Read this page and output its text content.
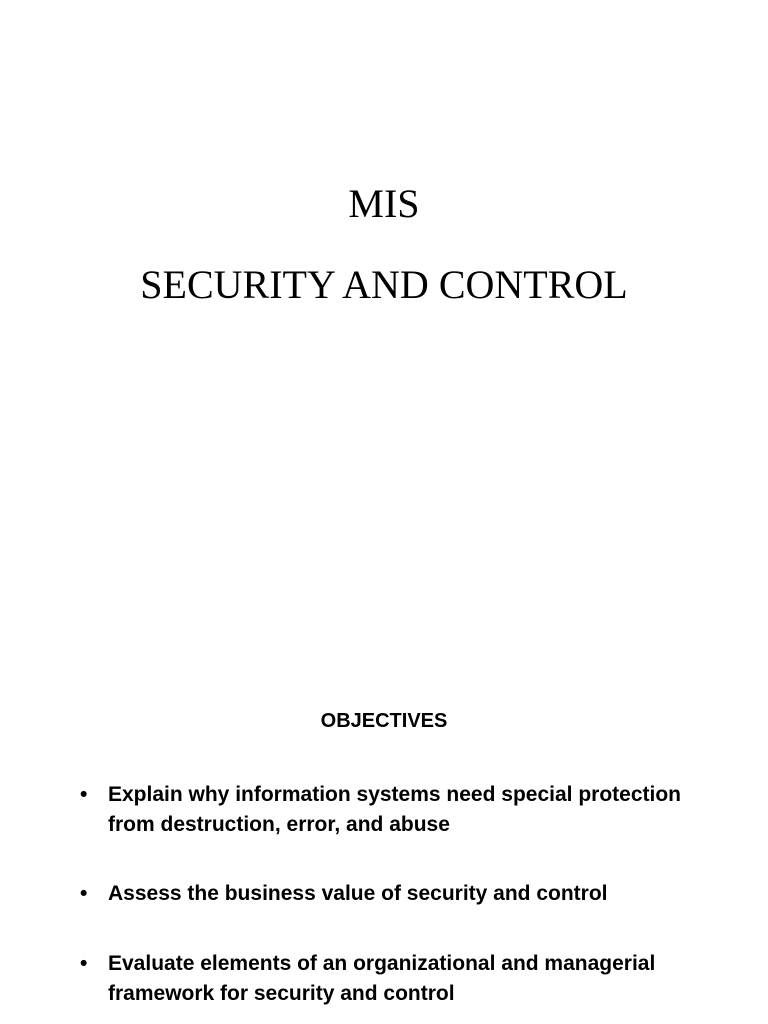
MIS
SECURITY AND CONTROL
OBJECTIVES
• Explain why information systems need special protection from destruction, error, and abuse
• Assess the business value of security and control
• Evaluate elements of an organizational and managerial framework for security and control
